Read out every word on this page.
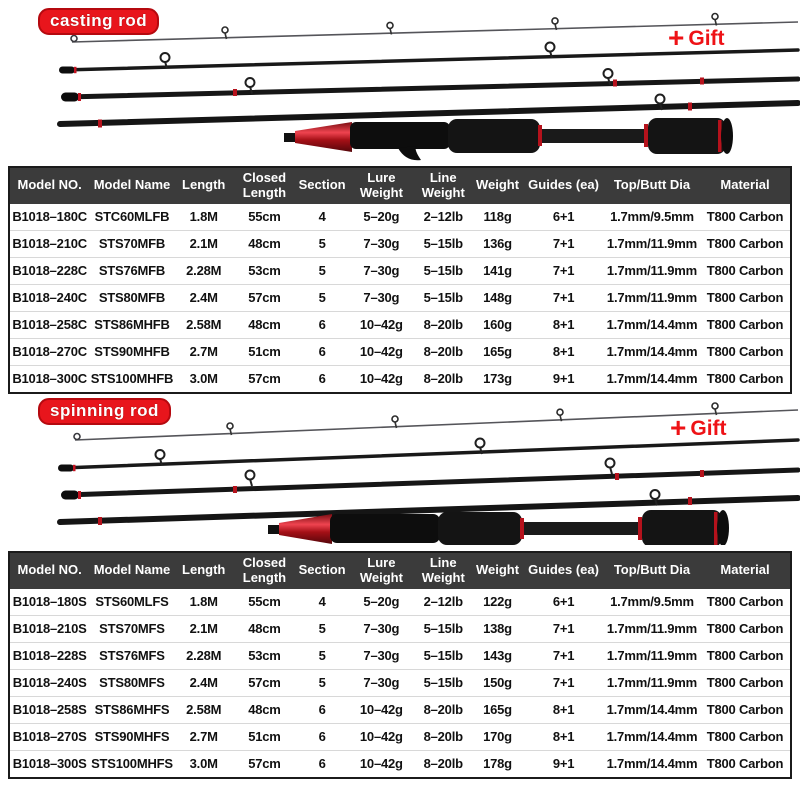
casting rod
+ Gift
Model NO.	Model Name	Length	Closed Length	Section	Lure Weight	Line Weight	Weight	Guides (ea)	Top/Butt Dia	Material
B1018–180C	STC60MLFB	1.8M	55cm	4	5–20g	2–12lb	118g	6+1	1.7mm/9.5mm	T800 Carbon
B1018–210C	STS70MFB	2.1M	48cm	5	7–30g	5–15lb	136g	7+1	1.7mm/11.9mm	T800 Carbon
B1018–228C	STS76MFB	2.28M	53cm	5	7–30g	5–15lb	141g	7+1	1.7mm/11.9mm	T800 Carbon
B1018–240C	STS80MFB	2.4M	57cm	5	7–30g	5–15lb	148g	7+1	1.7mm/11.9mm	T800 Carbon
B1018–258C	STS86MHFB	2.58M	48cm	6	10–42g	8–20lb	160g	8+1	1.7mm/14.4mm	T800 Carbon
B1018–270C	STS90MHFB	2.7M	51cm	6	10–42g	8–20lb	165g	8+1	1.7mm/14.4mm	T800 Carbon
B1018–300C	STS100MHFB	3.0M	57cm	6	10–42g	8–20lb	173g	9+1	1.7mm/14.4mm	T800 Carbon
spinning rod
+ Gift
Model NO.	Model Name	Length	Closed Length	Section	Lure Weight	Line Weight	Weight	Guides (ea)	Top/Butt Dia	Material
B1018–180S	STS60MLFS	1.8M	55cm	4	5–20g	2–12lb	122g	6+1	1.7mm/9.5mm	T800 Carbon
B1018–210S	STS70MFS	2.1M	48cm	5	7–30g	5–15lb	138g	7+1	1.7mm/11.9mm	T800 Carbon
B1018–228S	STS76MFS	2.28M	53cm	5	7–30g	5–15lb	143g	7+1	1.7mm/11.9mm	T800 Carbon
B1018–240S	STS80MFS	2.4M	57cm	5	7–30g	5–15lb	150g	7+1	1.7mm/11.9mm	T800 Carbon
B1018–258S	STS86MHFS	2.58M	48cm	6	10–42g	8–20lb	165g	8+1	1.7mm/14.4mm	T800 Carbon
B1018–270S	STS90MHFS	2.7M	51cm	6	10–42g	8–20lb	170g	8+1	1.7mm/14.4mm	T800 Carbon
B1018–300S	STS100MHFS	3.0M	57cm	6	10–42g	8–20lb	178g	9+1	1.7mm/14.4mm	T800 Carbon
